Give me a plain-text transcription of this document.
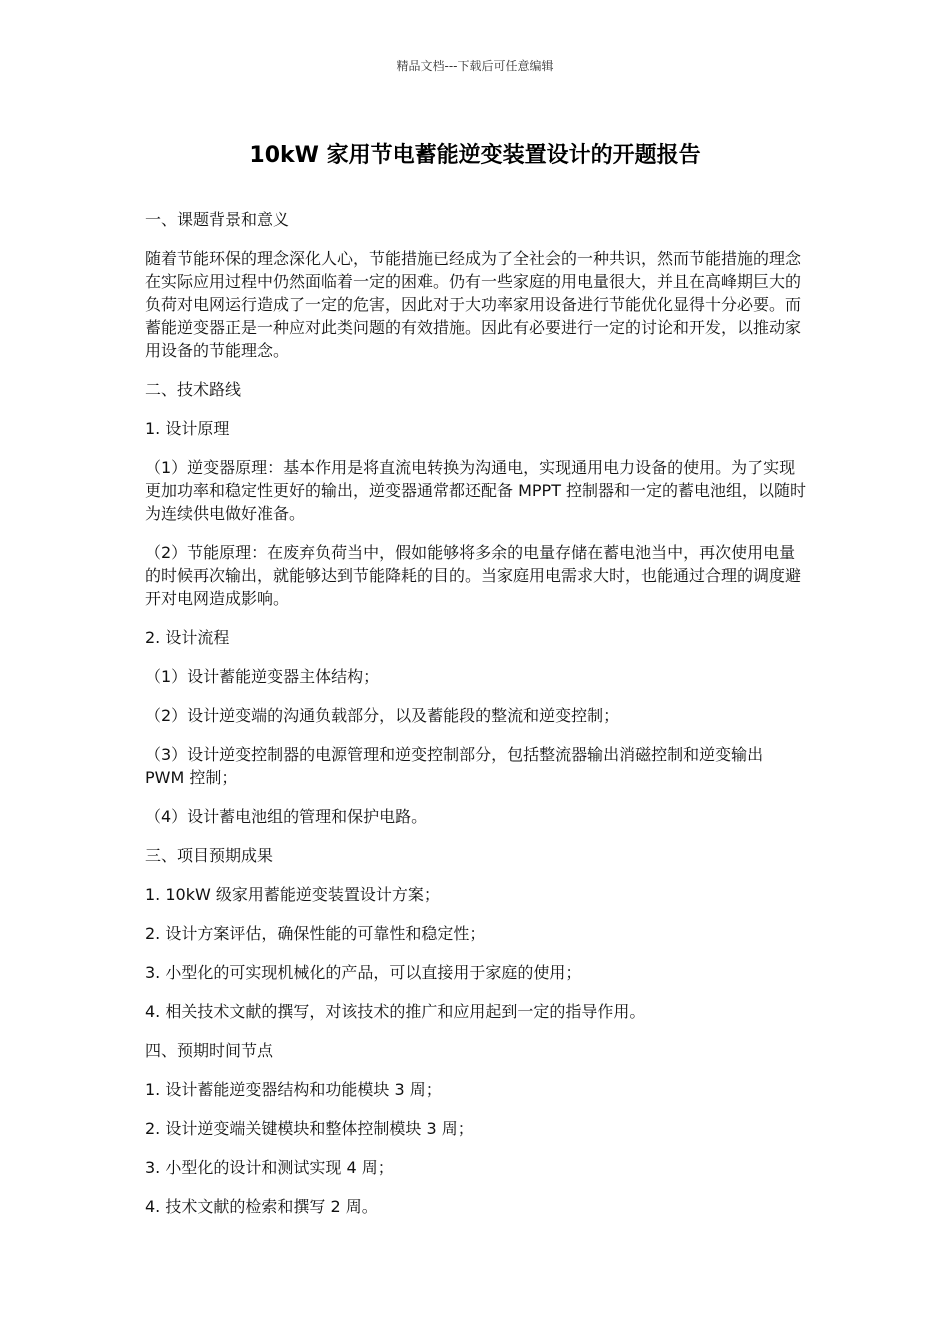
精品文档---下载后可任意编辑
10kW 家用节电蓄能逆变装置设计的开题报告

一、课题背景和意义

随着节能环保的理念深化人心，节能措施已经成为了全社会的一种共识，然而节能措施的理念在实际应用过程中仍然面临着一定的困难。仍有一些家庭的用电量很大，并且在高峰期巨大的负荷对电网运行造成了一定的危害，因此对于大功率家用设备进行节能优化显得十分必要。而蓄能逆变器正是一种应对此类问题的有效措施。因此有必要进行一定的讨论和开发，以推动家用设备的节能理念。

二、技术路线

1. 设计原理

（1）逆变器原理：基本作用是将直流电转换为沟通电，实现通用电力设备的使用。为了实现更加功率和稳定性更好的输出，逆变器通常都还配备 MPPT 控制器和一定的蓄电池组，以随时为连续供电做好准备。

（2）节能原理：在废弃负荷当中，假如能够将多余的电量存储在蓄电池当中，再次使用电量的时候再次输出，就能够达到节能降耗的目的。当家庭用电需求大时，也能通过合理的调度避开对电网造成影响。

2. 设计流程

（1）设计蓄能逆变器主体结构；

（2）设计逆变端的沟通负载部分，以及蓄能段的整流和逆变控制；

（3）设计逆变控制器的电源管理和逆变控制部分，包括整流器输出消磁控制和逆变输出 PWM 控制；

（4）设计蓄电池组的管理和保护电路。

三、项目预期成果

1. 10kW 级家用蓄能逆变装置设计方案；

2. 设计方案评估，确保性能的可靠性和稳定性；

3. 小型化的可实现机械化的产品，可以直接用于家庭的使用；

4. 相关技术文献的撰写，对该技术的推广和应用起到一定的指导作用。

四、预期时间节点

1. 设计蓄能逆变器结构和功能模块 3 周；

2. 设计逆变端关键模块和整体控制模块 3 周；

3. 小型化的设计和测试实现 4 周；

4. 技术文献的检索和撰写 2 周。
